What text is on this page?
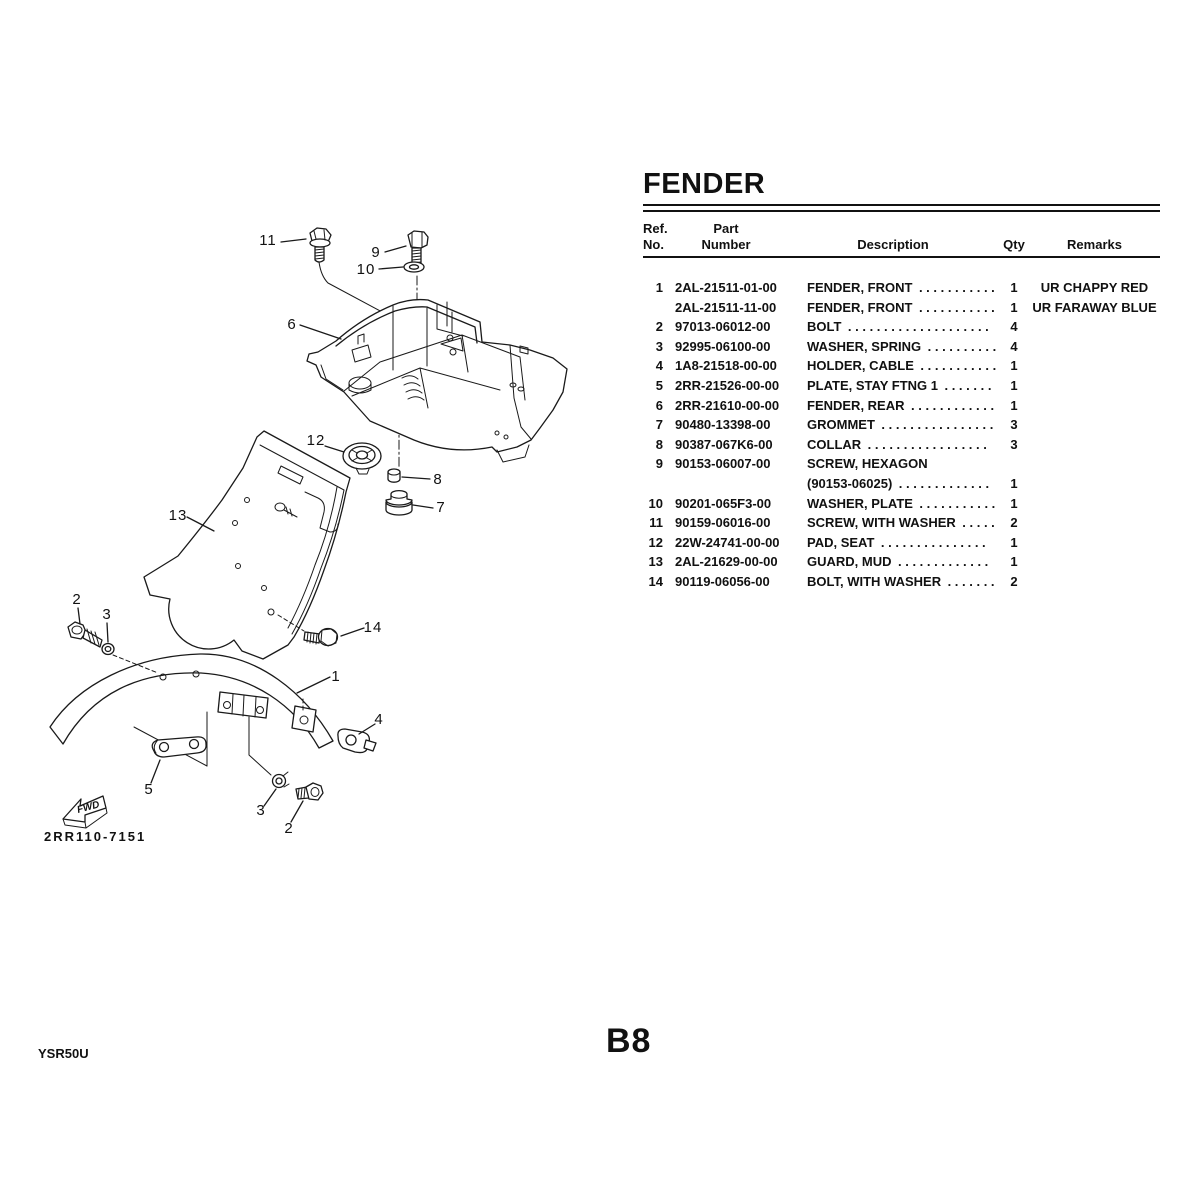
FWD
2RR110-7151
11
9
10
6
12
8
7
13
2
3
14
1
4
5
3
2
FENDER
Ref.
No.
Part
Number	Description	Qty	Remarks
1 2AL-21511-01-00	FENDER, FRONT . . . . . . . . . . .	1	UR CHAPPY RED
2AL-21511-11-00	FENDER, FRONT . . . . . . . . . . .	1	UR FARAWAY BLUE
2 97013-06012-00	BOLT . . . . . . . . . . . . . . . . . . . .	4
3 92995-06100-00	WASHER, SPRING . . . . . . . . . .	4
4 1A8-21518-00-00	HOLDER, CABLE . . . . . . . . . . .	1
5 2RR-21526-00-00	PLATE, STAY FTNG 1 . . . . . . .	1
6 2RR-21610-00-00	FENDER, REAR . . . . . . . . . . . .	1
7 90480-13398-00	GROMMET . . . . . . . . . . . . . . . .	3
8 90387-067K6-00	COLLAR . . . . . . . . . . . . . . . . .	3
9 90153-06007-00	SCREW, HEXAGON
(90153-06025) . . . . . . . . . . . . .	1
10 90201-065F3-00	WASHER, PLATE . . . . . . . . . . .	1
11 90159-06016-00	SCREW, WITH WASHER . . . . .	2
12 22W-24741-00-00	PAD, SEAT . . . . . . . . . . . . . . .	1
13 2AL-21629-00-00	GUARD, MUD . . . . . . . . . . . . .	1
14 90119-06056-00	BOLT, WITH WASHER . . . . . . .	2
YSR50U	B8
